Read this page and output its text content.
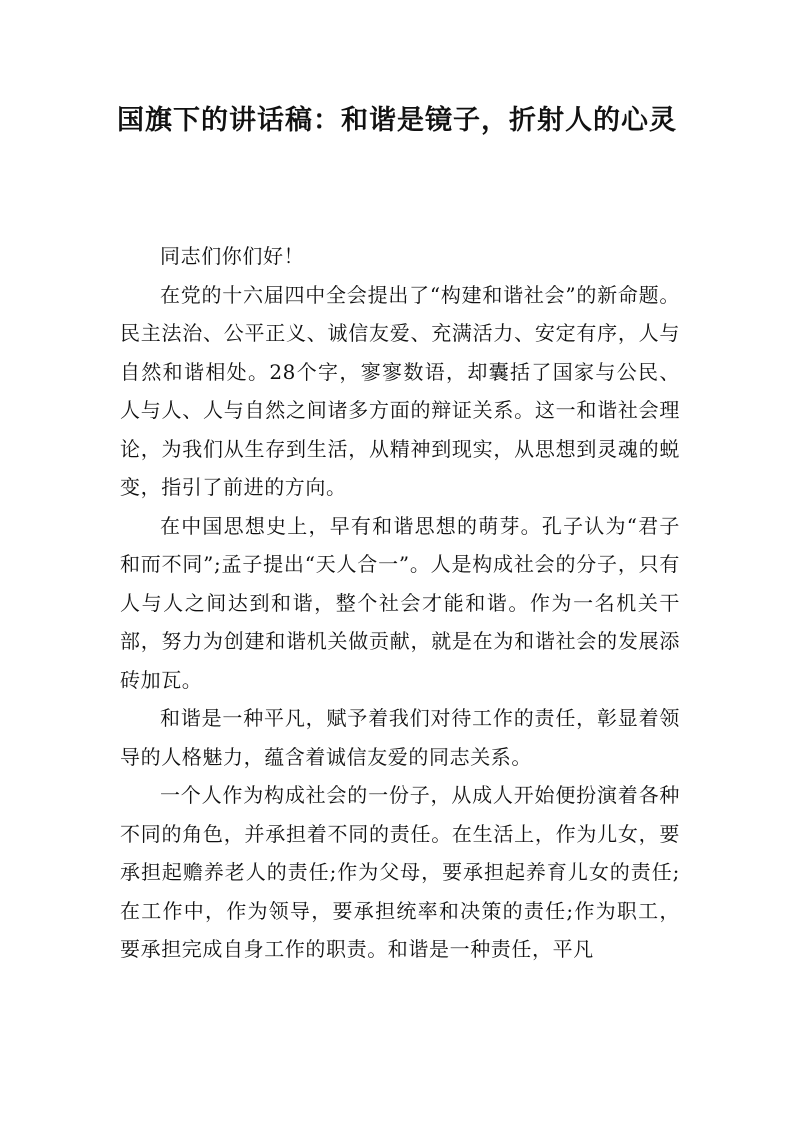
国旗下的讲话稿：和谐是镜子，折射人的心灵

同志们你们好！

在党的十六届四中全会提出了“构建和谐社会”的新命题。民主法治、公平正义、诚信友爱、充满活力、安定有序，人与自然和谐相处。28个字，寥寥数语，却囊括了国家与公民、人与人、人与自然之间诸多方面的辩证关系。这一和谐社会理论，为我们从生存到生活，从精神到现实，从思想到灵魂的蜕变，指引了前进的方向。

在中国思想史上，早有和谐思想的萌芽。孔子认为“君子和而不同”;孟子提出“天人合一”。人是构成社会的分子，只有人与人之间达到和谐，整个社会才能和谐。作为一名机关干部，努力为创建和谐机关做贡献，就是在为和谐社会的发展添砖加瓦。

和谐是一种平凡，赋予着我们对待工作的责任，彰显着领导的人格魅力，蕴含着诚信友爱的同志关系。

一个人作为构成社会的一份子，从成人开始便扮演着各种不同的角色，并承担着不同的责任。在生活上，作为儿女，要承担起赡养老人的责任;作为父母，要承担起养育儿女的责任;在工作中，作为领导，要承担统率和决策的责任;作为职工，要承担完成自身工作的职责。和谐是一种责任，平凡
